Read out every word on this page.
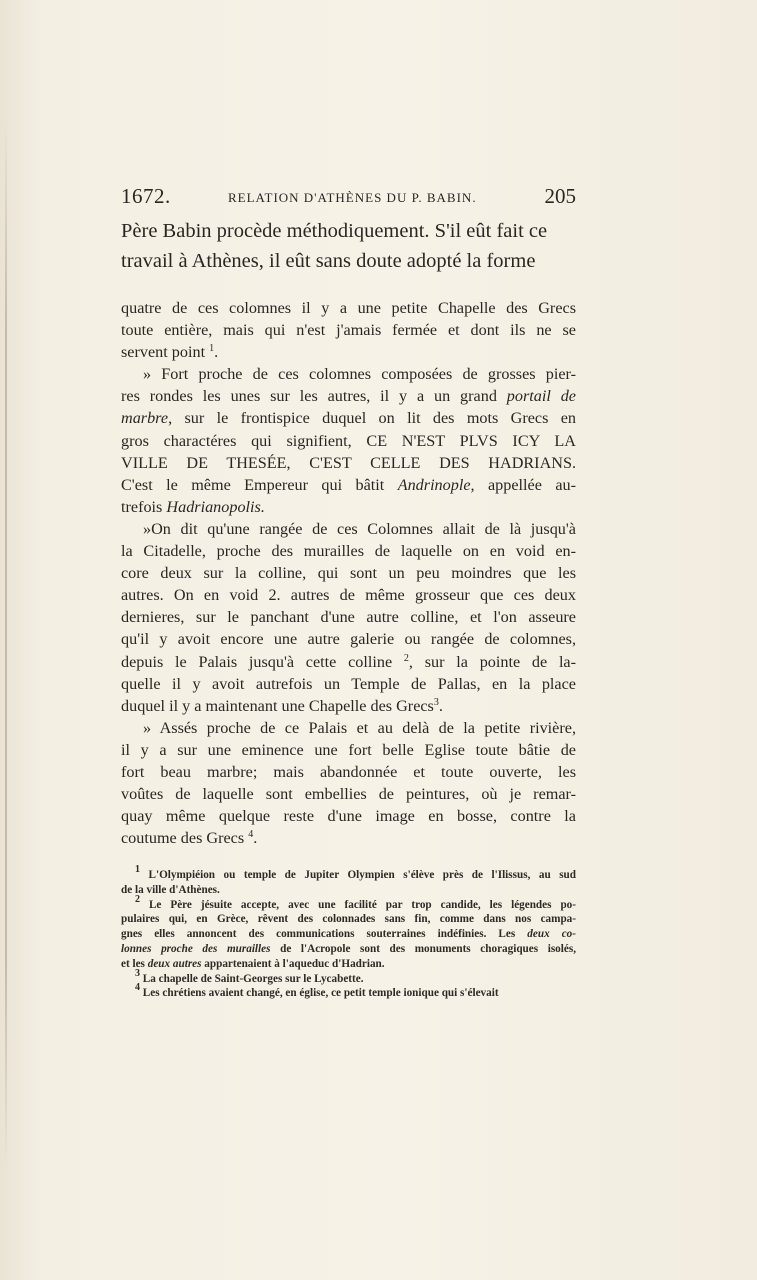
1672.	RELATION D'ATHÈNES DU P. BABIN.	205
Père Babin procède méthodiquement. S'il eût fait ce
travail à Athènes, il eût sans doute adopté la forme
quatre de ces colomnes il y a une petite Chapelle des Grecs
toute entière, mais qui n'est j'amais fermée et dont ils ne se
servent point $^1$.
» Fort proche de ces colomnes composées de grosses pier-
res rondes les unes sur les autres, il y a un grand portail de
marbre, sur le frontispice duquel on lit des mots Grecs en
gros charactéres qui signifient, CE N'EST PLVS ICY LA
VILLE DE THESÉE, C'EST CELLE DES HADRIANS.
C'est le même Empereur qui bâtit Andrinople, appellée au-
trefois Hadrianopolis.
»On dit qu'une rangée de ces Colomnes allait de là jusqu'à
la Citadelle, proche des murailles de laquelle on en void en-
core deux sur la colline, qui sont un peu moindres que les
autres. On en void 2. autres de même grosseur que ces deux
dernieres, sur le panchant d'une autre colline, et l'on asseure
qu'il y avoit encore une autre galerie ou rangée de colomnes,
depuis le Palais jusqu'à cette colline $^2$, sur la pointe de la-
quelle il y avoit autrefois un Temple de Pallas, en la place
duquel il y a maintenant une Chapelle des Grecs$^3$.
» Assés proche de ce Palais et au delà de la petite rivière,
il y a sur une eminence une fort belle Eglise toute bâtie de
fort beau marbre; mais abandonnée et toute ouverte, les
voûtes de laquelle sont embellies de peintures, où je remar-
quay même quelque reste d'une image en bosse, contre la
coutume des Grecs $^4$.
$^1$ L'Olympiéion ou temple de Jupiter Olympien s'élève près de l'Ilissus, au sud
de la ville d'Athènes.
$^2$ Le Père jésuite accepte, avec une facilité par trop candide, les légendes po-
pulaires qui, en Grèce, rêvent des colonnades sans fin, comme dans nos campa-
gnes elles annoncent des communications souterraines indéfinies. Les deux co-
lonnes proche des murailles de l'Acropole sont des monuments choragiques isolés,
et les deux autres appartenaient à l'aqueduc d'Hadrian.
$^3$ La chapelle de Saint-Georges sur le Lycabette.
$^4$ Les chrétiens avaient changé, en église, ce petit temple ionique qui s'élevait
